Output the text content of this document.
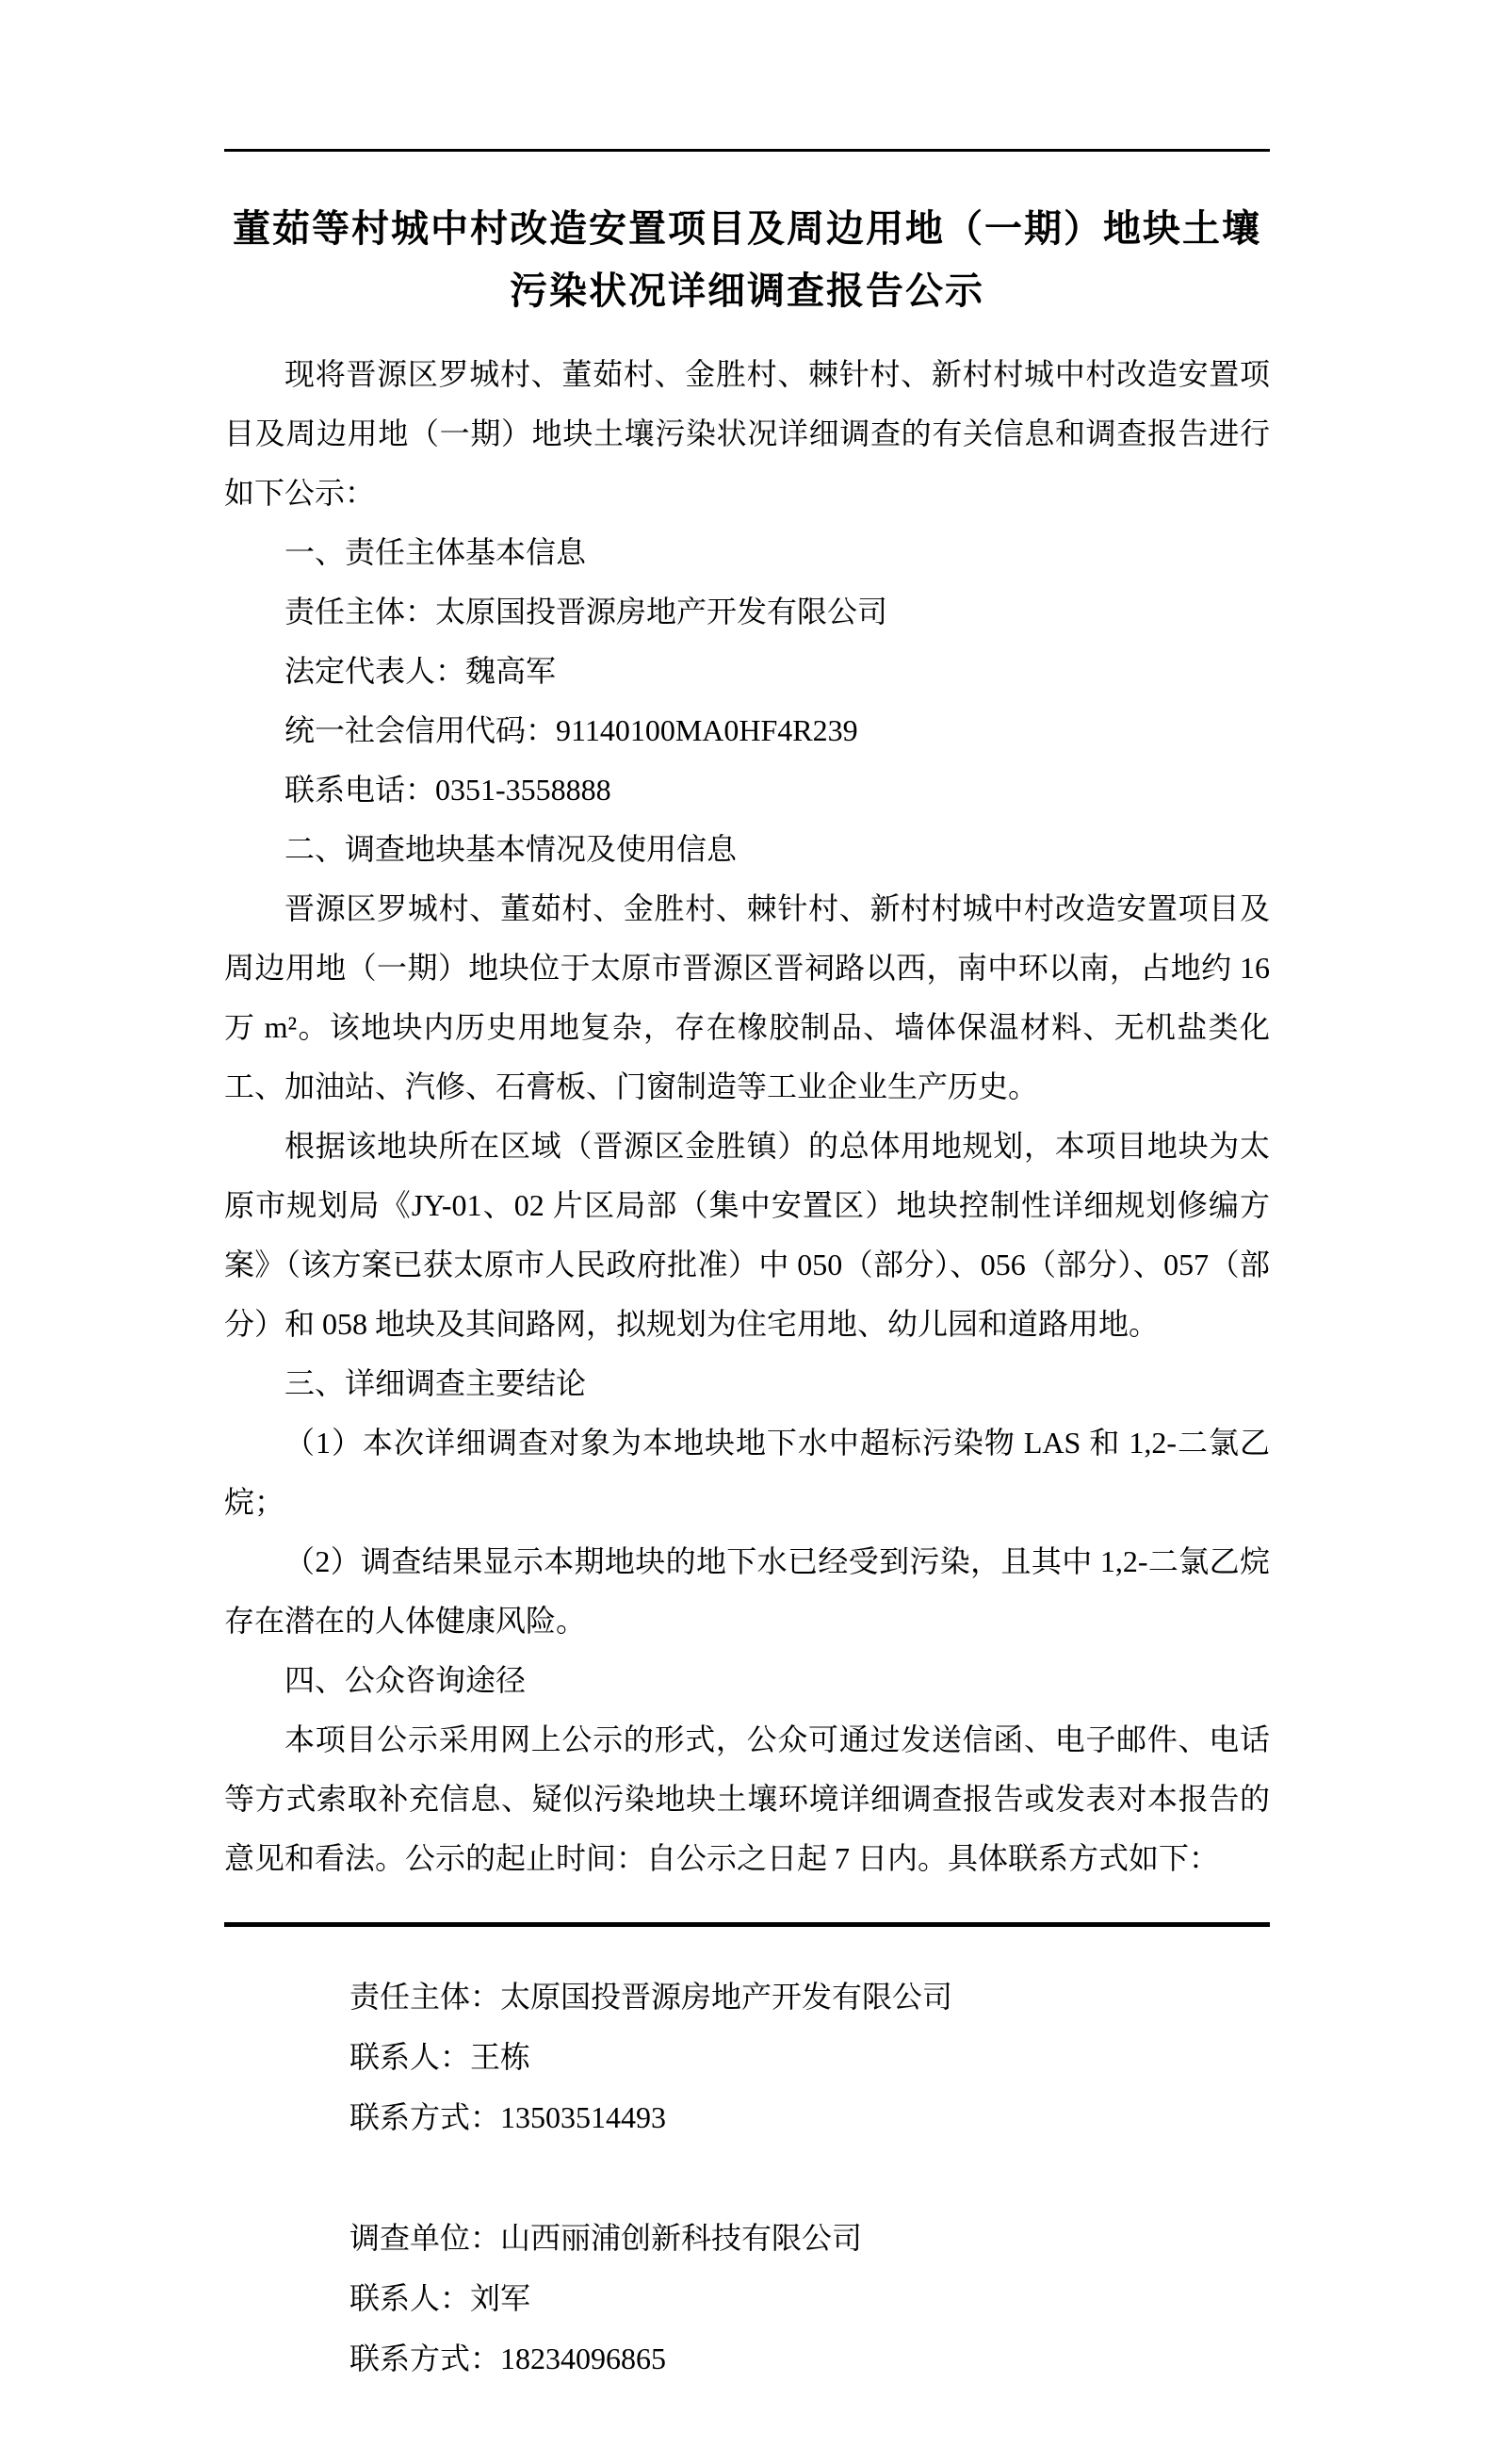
董茹等村城中村改造安置项目及周边用地（一期）地块土壤
污染状况详细调查报告公示

现将晋源区罗城村、董茹村、金胜村、棘针村、新村村城中村改造安置项目及周边用地（一期）地块土壤污染状况详细调查的有关信息和调查报告进行如下公示：

一、责任主体基本信息

责任主体：太原国投晋源房地产开发有限公司

法定代表人：魏高军

统一社会信用代码：91140100MA0HF4R239

联系电话：0351-3558888

二、调查地块基本情况及使用信息

晋源区罗城村、董茹村、金胜村、棘针村、新村村城中村改造安置项目及周边用地（一期）地块位于太原市晋源区晋祠路以西，南中环以南，占地约 16 万 m²。该地块内历史用地复杂，存在橡胶制品、墙体保温材料、无机盐类化工、加油站、汽修、石膏板、门窗制造等工业企业生产历史。

根据该地块所在区域（晋源区金胜镇）的总体用地规划，本项目地块为太原市规划局《JY-01、02 片区局部（集中安置区）地块控制性详细规划修编方案》（该方案已获太原市人民政府批准）中 050（部分）、056（部分）、057（部分）和 058 地块及其间路网，拟规划为住宅用地、幼儿园和道路用地。

三、详细调查主要结论

（1）本次详细调查对象为本地块地下水中超标污染物 LAS 和 1,2-二氯乙烷；

（2）调查结果显示本期地块的地下水已经受到污染，且其中 1,2-二氯乙烷存在潜在的人体健康风险。

四、公众咨询途径

本项目公示采用网上公示的形式，公众可通过发送信函、电子邮件、电话等方式索取补充信息、疑似污染地块土壤环境详细调查报告或发表对本报告的意见和看法。公示的起止时间：自公示之日起 7 日内。具体联系方式如下：

责任主体：太原国投晋源房地产开发有限公司

联系人：王栋

联系方式：13503514493

调查单位：山西丽浦创新科技有限公司

联系人：刘军

联系方式：18234096865
